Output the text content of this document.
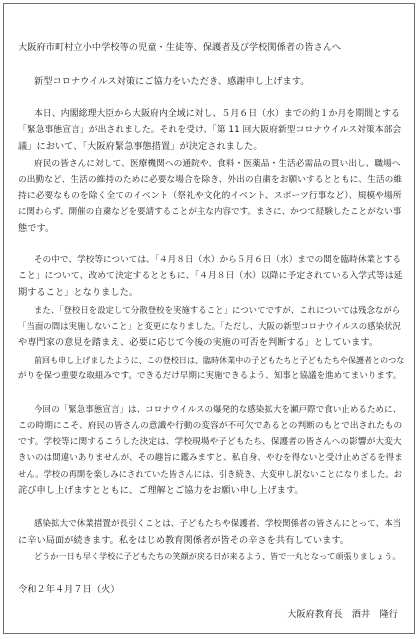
大阪府市町村立小中学校等の児童・生徒等、保護者及び学校関係者の皆さんへ
新型コロナウイルス対策にご協力をいただき、感謝申し上げます。
本日、内閣総理大臣から大阪府内全域に対し、５月６日（水）までの約１か月を期間とする
「緊急事態宣言」が出されました。それを受け、「第 11 回大阪府新型コロナウイルス対策本部会
議」において、「大阪府緊急事態措置」が決定されました。
府民の皆さんに対して、医療機関への通院や、食料・医薬品・生活必需品の買い出し、職場へ
の出勤など、生活の維持のために必要な場合を除き、外出の自粛をお願いするとともに、生活の維
持に必要なものを除く全てのイベント（祭礼や文化的イベント、スポーツ行事など）、規模や場所
に関わらず、開催の自粛などを要請することが主な内容です。まさに、かつて経験したことがない事
態です。
その中で、学校等については、「４月８日（水）から５月６日（水）までの間を臨時休業とする
こと」について、改めて決定するとともに、「４月８日（水）以降に予定されている入学式等は延
期すること」となりました。
また、「登校日を設定して分散登校を実施すること」についてですが、これについては残念ながら
「当面の間は実施しないこと」と変更になりました。「ただし、大阪の新型コロナウイルスの感染状況
や専門家の意見を踏まえ、必要に応じて今後の実施の可否を判断する」としています。
前回も申し上げましたように、この登校日は、臨時休業中の子どもたちと子どもたちや保護者とのつな
がりを保つ重要な取組みです。できるだけ早期に実施できるよう、知事と協議を進めてまいります。
今回の「緊急事態宣言」は、コロナウイルスの爆発的な感染拡大を瀬戸際で食い止めるために、
この時期にこそ、府民の皆さんの意識や行動の変容が不可欠であるとの判断のもとで出されたもの
です。学校等に関するこうした決定は、学校現場や子どもたち、保護者の皆さんへの影響が大変大
きいのは間違いありませんが、その趣旨に鑑みますと、私自身、やむを得ないと受け止めざるを得ま
せん。学校の再開を楽しみにされていた皆さんには、引き続き、大変申し訳ないことになりました。お
詫び申し上げますとともに、ご理解とご協力をお願い申し上げます。
感染拡大で休業措置が長引くことは、子どもたちや保護者、学校関係者の皆さんにとって、本当
に辛い局面が続きます。私をはじめ教育関係者が皆その辛さを共有しています。
どうか一日も早く学校に子どもたちの笑顔が戻る日が来るよう、皆で一丸となって頑張りましょう。
令和２年４月７日（火）
大阪府教育長　酒井　隆行
